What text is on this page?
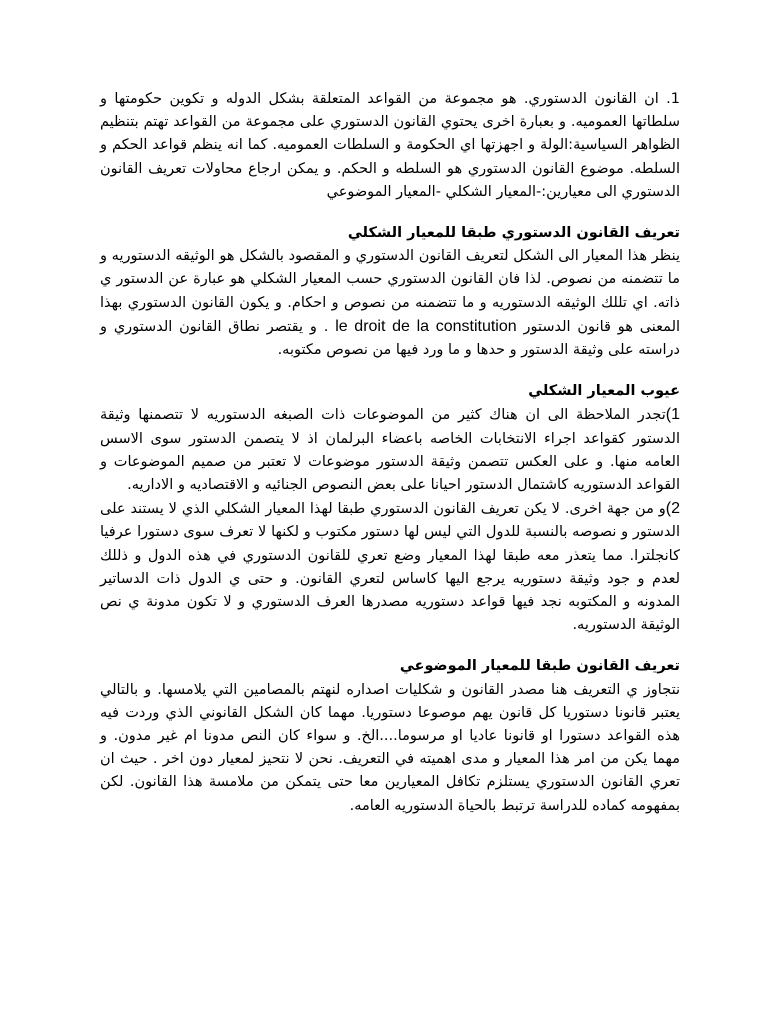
1. ان القانون الدستوري. هو مجموعة من القواعد المتعلقة بشكل الدوله و تكوين حكومتها و سلطاتها العموميه. و بعبارة اخرى يحتوي القانون الدستوري على مجموعة من القواعد تهتم بتنظيم الظواهر السياسية:الولة و اجهزتها اي الحكومة و السلطات العموميه. كما انه ينظم قواعد الحكم و السلطه. موضوع القانون الدستوري هو السلطه و الحكم. و يمكن ارجاع محاولات تعريف القانون الدستوري الى معيارين:-المعيار الشكلي -المعيار الموضوعي

تعريف القانون الدستوري طبقا للمعيار الشكلي

ينظر هذا المعيار الى الشكل لتعريف القانون الدستوري و المقصود بالشكل هو الوثيقه الدستوريه و ما تتضمنه من نصوص. لذا فان القانون الدستوري حسب المعيار الشكلي هو عبارة عن الدستور ي ذاته. اي تللك الوثيقه الدستوريه و ما تتضمنه من نصوص و احكام. و يكون القانون الدستوري بهذا المعنى هو قانون الدستور le droit de la constitution . و يقتصر نطاق القانون الدستوري و دراسته على وثيقة الدستور و حدها و ما ورد فيها من نصوص مكتوبه.

عيوب المعيار الشكلي

1)تجدر الملاحظة الى ان هناك كثير من الموضوعات ذات الصبغه الدستوريه لا تتصمنها وثيقة الدستور كقواعد اجراء الانتخابات الخاصه باعضاء البرلمان اذ لا يتصمن الدستور سوى الاسس العامه منها. و على العكس تتصمن وثيقة الدستور موضوعات لا تعتبر من صميم الموضوعات و القواعد الدستوريه كاشتمال الدستور احيانا على بعض النصوص الجنائيه و الاقتصاديه و الاداريه.

2)و من جهة اخرى. لا يكن تعريف القانون الدستوري طبقا لهذا المعيار الشكلي الذي لا يستند على الدستور و نصوصه بالنسبة للدول التي ليس لها دستور مكتوب و لكنها لا تعرف سوى دستورا عرفيا كانجلترا. مما يتعذر معه طبقا لهذا المعيار وضع تعري للقانون الدستوري في هذه الدول و ذللك لعدم و جود وثيقة دستوريه يرجع اليها كاساس لتعري القانون. و حتى ي الدول ذات الدساتير المدونه و المكتوبه نجد فيها قواعد دستوريه مصدرها العرف الدستوري و لا تكون مدونة ي نص الوثيقة الدستوريه.

تعريف القانون طبقا للمعيار الموضوعي

نتجاوز ي التعريف هنا مصدر القانون و شكليات اصداره لنهتم بالمصامين التي يلامسها. و بالتالي يعتبر قانونا دستوريا كل قانون يهم موصوعا دستوريا. مهما كان الشكل القانوني الذي وردت فيه هذه القواعد دستورا او قانونا عاديا او مرسوما....الخ. و سواء كان النص مدونا ام غير مدون. و مهما يكن من امر هذا المعيار و مدى اهميته في التعريف. نحن لا نتحيز لمعيار دون اخر . حيث ان تعري القانون الدستوري يستلزم تكافل المعيارين معا حتى يتمكن من ملامسة هذا القانون. لكن بمفهومه كماده للدراسة ترتبط بالحياة الدستوريه العامه.
